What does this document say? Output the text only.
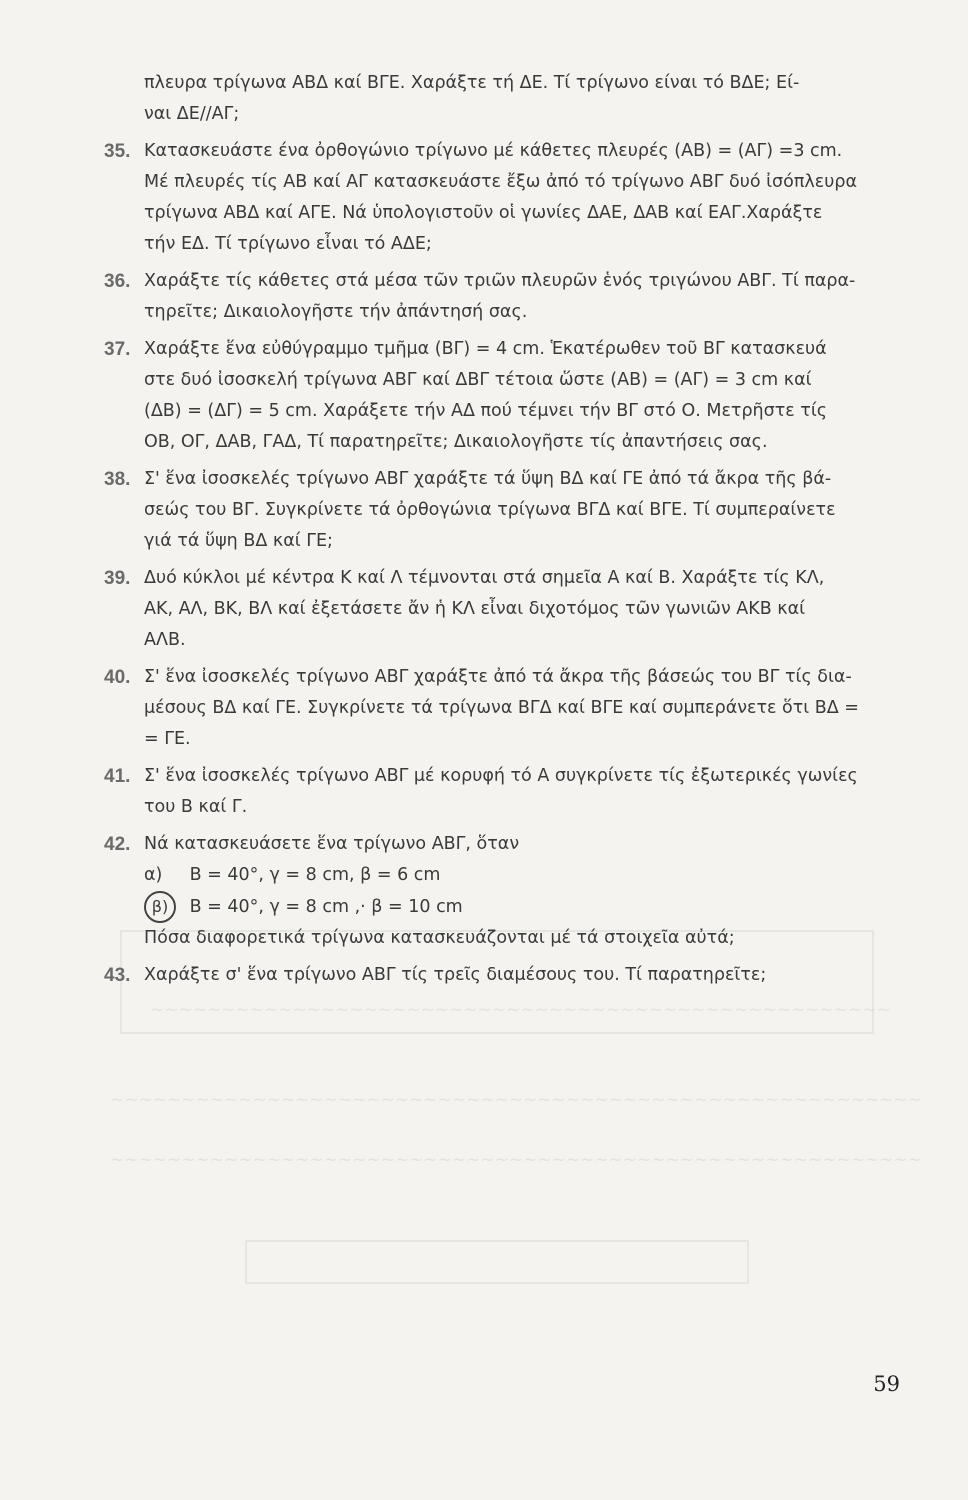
~~~~~~~~~~~~~~~~~~~~~~~~~~~~~~~~~~~~~~~~~~~~~~~~~~~~
~~~~~~~~~~~~~~~~~~~~~~~~~~~~~~~~~~~~~~~~~~~~~~~~~~~~~~~~~
~~~~~~~~~~~~~~~~~~~~~~~~~~~~~~~~~~~~~~~~~~~~~~~~~~~~~~~~~
πλευρα τρίγωνα ΑΒΔ καί ΒΓΕ. Χαράξτε τή ΔΕ. Τί τρίγωνο είναι τό ΒΔΕ; Εί-
ναι ΔΕ//ΑΓ;
35. Κατασκευάστε ένα ὀρθογώνιο τρίγωνο μέ κάθετες πλευρές (ΑΒ) = (ΑΓ) =3 cm.
Μέ πλευρές τίς ΑΒ καί ΑΓ κατασκευάστε ἔξω ἀπό τό τρίγωνο ΑΒΓ δυό ἰσόπλευρα
τρίγωνα ΑΒΔ καί ΑΓΕ. Νά ὑπολογιστοῦν οἱ γωνίες ΔΑΕ, ΔΑΒ καί ΕΑΓ.Χαράξτε
τήν ΕΔ. Τί τρίγωνο εἶναι τό ΑΔΕ;
36. Χαράξτε τίς κάθετες στά μέσα τῶν τριῶν πλευρῶν ἑνός τριγώνου ΑΒΓ. Τί παρα-
τηρεῖτε; Δικαιολογῆστε τήν ἀπάντησή σας.
37. Χαράξτε ἕνα εὐθύγραμμο τμῆμα (ΒΓ) = 4 cm. Ἑκατέρωθεν τοῦ ΒΓ κατασκευά
στε δυό ἰσοσκελή τρίγωνα ΑΒΓ καί ΔΒΓ τέτοια ὥστε (ΑΒ) = (ΑΓ) = 3 cm καί
(ΔΒ) = (ΔΓ) = 5 cm. Χαράξετε τήν ΑΔ πού τέμνει τήν ΒΓ στό Ο. Μετρῆστε τίς
ΟΒ, ΟΓ, ΔΑΒ, ΓΑΔ, Τί παρατηρεῖτε; Δικαιολογῆστε τίς ἀπαντήσεις σας.
38. Σ' ἕνα ἰσοσκελές τρίγωνο ΑΒΓ χαράξτε τά ὕψη ΒΔ καί ΓΕ ἀπό τά ἄκρα τῆς βά-
σεώς του ΒΓ. Συγκρίνετε τά ὀρθογώνια τρίγωνα ΒΓΔ καί ΒΓΕ. Τί συμπεραίνετε
γιά τά ὕψη ΒΔ καί ΓΕ;
39. Δυό κύκλοι μέ κέντρα Κ καί Λ τέμνονται στά σημεῖα Α καί Β. Χαράξτε τίς ΚΛ,
ΑΚ, ΑΛ, ΒΚ, ΒΛ καί ἐξετάσετε ἄν ἡ ΚΛ εἶναι διχοτόμος τῶν γωνιῶν ΑΚΒ καί
ΑΛΒ.
40. Σ' ἕνα ἰσοσκελές τρίγωνο ΑΒΓ χαράξτε ἀπό τά ἄκρα τῆς βάσεώς του ΒΓ τίς δια-
μέσους ΒΔ καί ΓΕ. Συγκρίνετε τά τρίγωνα ΒΓΔ καί ΒΓΕ καί συμπεράνετε ὅτι ΒΔ =
= ΓΕ.
41. Σ' ἕνα ἰσοσκελές τρίγωνο ΑΒΓ μέ κορυφή τό Α συγκρίνετε τίς ἐξωτερικές γωνίες
του Β καί Γ.
42. Νά κατασκευάσετε ἕνα τρίγωνο ΑΒΓ, ὅταν
α) Β = 40°, γ = 8 cm, β = 6 cm
β) Β = 40°, γ = 8 cm ,· β = 10 cm
Πόσα διαφορετικά τρίγωνα κατασκευάζονται μέ τά στοιχεῖα αὐτά;
43. Χαράξτε σ' ἕνα τρίγωνο ΑΒΓ τίς τρεῖς διαμέσους του. Τί παρατηρεῖτε;
59
